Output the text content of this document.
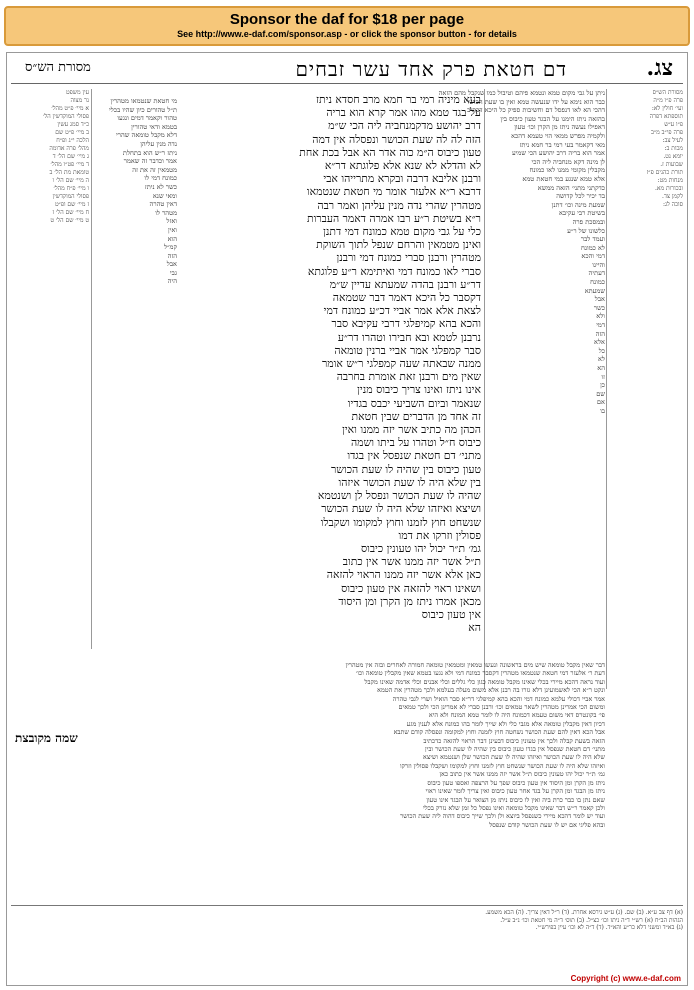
Sponsor the daf for $18 per page
See http://www.e-daf.com/sponsor.asp - or click the sponsor button - for details
צג.
דם חטאת פרק אחד עשר זבחים
מסורת הש״ס
מסורת הש״ס
פרה פ״ו מ״ה
ועי׳ חולין לא:
תוספתא דפרה
פ״ו ע״ש
פרה פי״ב מ״ב
לעיל צב:
מכות ב:
יומא נט.
שבועות ז.
תורת כהנים פ״ז
מנחות מט:
ובכורות מא.
לקמן צד.
סוכה לג:
ניתן על גבי מקום טמא ונטמא פיהם וטיבול כמו שנקבל מהם הזאה
כבר הוא נימא על ידו שנעשה טמא ואין בו שעת הכושר
דהכי הא לאו דנפסל דם וחשיבות ספיק כל היכא דכתיב
בהזאה ניתז הימנו על הבגד טעון כיבוס בין
דאפילו נעשה ניתז מן הקרן וכו׳ טעון
ולקמיה מפרש ממאי הוי טעמא דהכא
מאי דקאמר בעי רמי בר חמא ניתז
אמר הוא בריה דרב יהושע הכי שמיע
לן מינה דקא מנחביה ליה הכי
מקבלין מקומי ממנו לאו כמונח
אלא טמא שנגע במי חטאת טמא
כדקתני מתני׳ הזאה ממשא
בד יכיר לכל קדושה
שמעת מינה וכו׳ דתנן
בשיטת רבי עקיבא
ובמסכת פרה
כלשונו של ר״ע
ועמד לבר
לא כמונח
דמי והכא
והיינו
דעתיה
כמונח
שמעתא
אבל
כשר
ולא
דמי
הזה
אלא
כל
לא
הא
זו
כן
שם
אם
בו
בעא מיניה רמי בר חמא מרב חסדא ניתז
על בגד טמא מהו אמר קרא הוא בריה
דרב יהושע מדקמנחביה ליה הכי ש״מ
הזה לה לה שעת הכושר ונפסלה אין דמה
טעון כיבוס ה״מ כוה אדר הא אבל בכת אחת
לא והדלא לא שנא אלא פלוגתא דר״א
ורבנן אליבא דרבה ובקרא מתרייהו אבי
דרבא ר״א אלעזר אומר מי חטאת שנטמאו
מטהרין שהרי נדה מנין עליהן ואמר רבה
ר״א בשיטת ר״ע רבו אמרה דאמר העברות
כלי על גבי מקום טמא כמונח דמי דתנן
ואינן מטמאין והרחם שנפל לתוך השוקת
מטהרין ורבנן סברי כמונח דמי ורבנן
סברי לאו כמונח דמי ואיתימא ר״ע פלוגתא
דר״ע ורבנן בהדה שמעתא עדיין ש״מ
דקסבר כל היכא דאמר דבר שטמאה
לצאת אלא אמר אביי דכ״ע כמונח דמי
והכא בהא קמיפלגי דרבי עקיבא סבר
נרבנן לטמא ובא חבירו וטהרו דר״ע
סבר קמפלגי אמר אביי ברנין טומאה
ממנה שבאתה שעה קמפלגי ר״ש אומר
שאין מים ורבנן זאת אומרת בחרבה
אינו ניתז ואינו צריך כיבוס מנין
שנאמר וביום השביעי יכבס בגדיו
זה אחד מן הדברים שבין חטאת
הכהן מה כתיב אשר יזה ממנו ואין
כיבוס ח״ל וטהרו על ביתו ושמה
מתני׳ דם חטאת שנפסל אין בגדו
טעון כיבוס בין שהיה לו שעת הכושר
בין שלא היה לו שעת הכושר איזהו
שהיה לו שעת הכושר ונפסל לן ושנטמא
ושיצא ואיזהו שלא היה לו שעת הכושר
שנשחט חוץ לזמנו וחוץ למקומו ושקבלו
פסולין וזרקו את דמו
גמ׳ ת״ר יכול יהו טעונין כיבוס
ת״ל אשר יזה ממנו אשר אין כתוב
כאן אלא אשר יזה ממנו הראוי להזאה
ושאינו ראוי להזאה אין טעון כיבוס
מכאן אמרו ניתז מן הקרן ומן היסוד
אין טעון כיבוס
הא
עין משפט
נר מצוה
א מיי׳ פ״ט מהל׳
פסולי המוקדשין הל׳
כ״ד סמג עשין
ב מיי׳ פ״ט שם
הלכה י״ג ופ״ח
מהל׳ פרה אדומה
ג מיי׳ שם הל׳ ד
ד מיי׳ פט״ו מהל׳
טומאת מת הל׳ ב
ה מיי׳ שם הל׳ ו
ו מיי׳ פ״ח מהל׳
פסולי המוקדשין
ז מיי׳ שם ופ״ט
ח מיי׳ שם הל׳ ז
ט מיי׳ שם הל׳ ט
מי חטאת שנטמאו מטהרין
ת״ל טהורים כיון שהיו בכלי
טהור וקאמר דמים ונגעו
בטמא ודאי טהורין
דלא מקבל טומאה שהרי
נדה מנין עליהן
ניתז ר״ש הוא בתחלת
אמר וכדבר זה שאמר
מטמאין זה את זה
כמונח דמי לו
כשר לא ניתז
ומאי שנא
דאין טהרה
מטהר לו
ואזל
ואין
הוא
קמ״ל
הזה
אבל
גבי
היה
שמה מקובצת
דבר שאין מקבל טומאה שיש מים בראשונה ונעשו טמאין ומטמאין טומאה חמורה לאחרים ובזה אין מטהרין
דעת ר׳ אלעזר דמי חטאת שנטמאו מטהרין דקסבר כמונח דמי ולא נגעו בטמא שאין מקבלין טומאה וכו׳
ועוד נראה דהכא מיירי בכלי שאינו מקבל טומאה כגון כלי גללים וכלי אבנים וכלי אדמה שאינו מקבל
ונקט ר״א הכי לאשמועינן דלא גזרו בה רבנן אלא משום מעלה בעלמא ולכך מטהרין את הטמא
אמר אביי דכולי עלמא כמונח דמי והכא בהא קמיפלגי דר״א סבר הואיל ושרי לגבי טהרה
ומשום הכי אמרינן מטהרין לשאר טמאים וכו׳ ורבנן סברי לא אמרינן הכי ולכך טמאים
פי׳ בקונטרס דאי משום טעמא דכמונח היה לו לומר טמא המונח ולא היא
דכיון דאין מקבלין טומאה אלא מגבי כלי ולא שייך לומר בהו כמונח אלא לענין מגע
אבל הכא דאין להם שעת הכושר נשחטה חוץ לזמנה וחוץ למקומה ונפסלה קודם שתבא
הזאה בשעת קבלה ולכך אין טעונין כיבוס דבעינן דבר הראוי להזאה כדכתיב
מתני׳ דם חטאת שנפסל אין בגדו טעון כיבוס בין שהיה לו שעת הכושר ובין
שלא היה לו שעת הכושר ואיזהו שהיה לו שעת הכושר שלן ושנטמא ושיצא
ואיזהו שלא היה לו שעת הכושר שנשחט חוץ לזמנו וחוץ למקומו ושקבלו פסולין וזרקו
גמ׳ ת״ר יכול יהו טעונין כיבוס ת״ל אשר יזה ממנו אשר אין כתוב כאן
ניתז מן הקרן ומן היסוד אין טעון כיבוס שפך על הרצפה ואספו טעון כיבוס
ניתז מן הבגד ומן הקרן על בגד אחר טעון כיבוס ואין צריך לומר שאינו ראוי
שאם נתן בו כבר כרת ביה ואין לו כיבוס ניתז מן הצואר על הבגד אינו טעון
ולכן קאמר ר״ש דבר שאינו מקבל טומאה ואינו נפסל כל זמן שלא נזרק בכלי
ועוד יש לומר דהכא מיירי כשנפסל ביוצא ולן ולכך שייך כיבוס דהוה ליה שעת הכושר
ובהא פליגי אם יש לו שעת הכושר קודם שנפסל
(א) דף צב ע״א. (ב) שם. (ג) ע״ש גירסא אחרת. (ד) ר״ל דאין צריך. (ה) הכא משמע.
הגהות הב״ח (א) רש״י ד״ה ניתז וכו׳ כצ״ל. (ב) תוס׳ ד״ה מי חטאת וכו׳ נ״ב ע״ל.
(ג) בא״ד ומשני דלא כר״ע והא״ד. (ד) ד״ה לא וכו׳ עיין בפירש״י.
Copyright (c) www.e-daf.com
